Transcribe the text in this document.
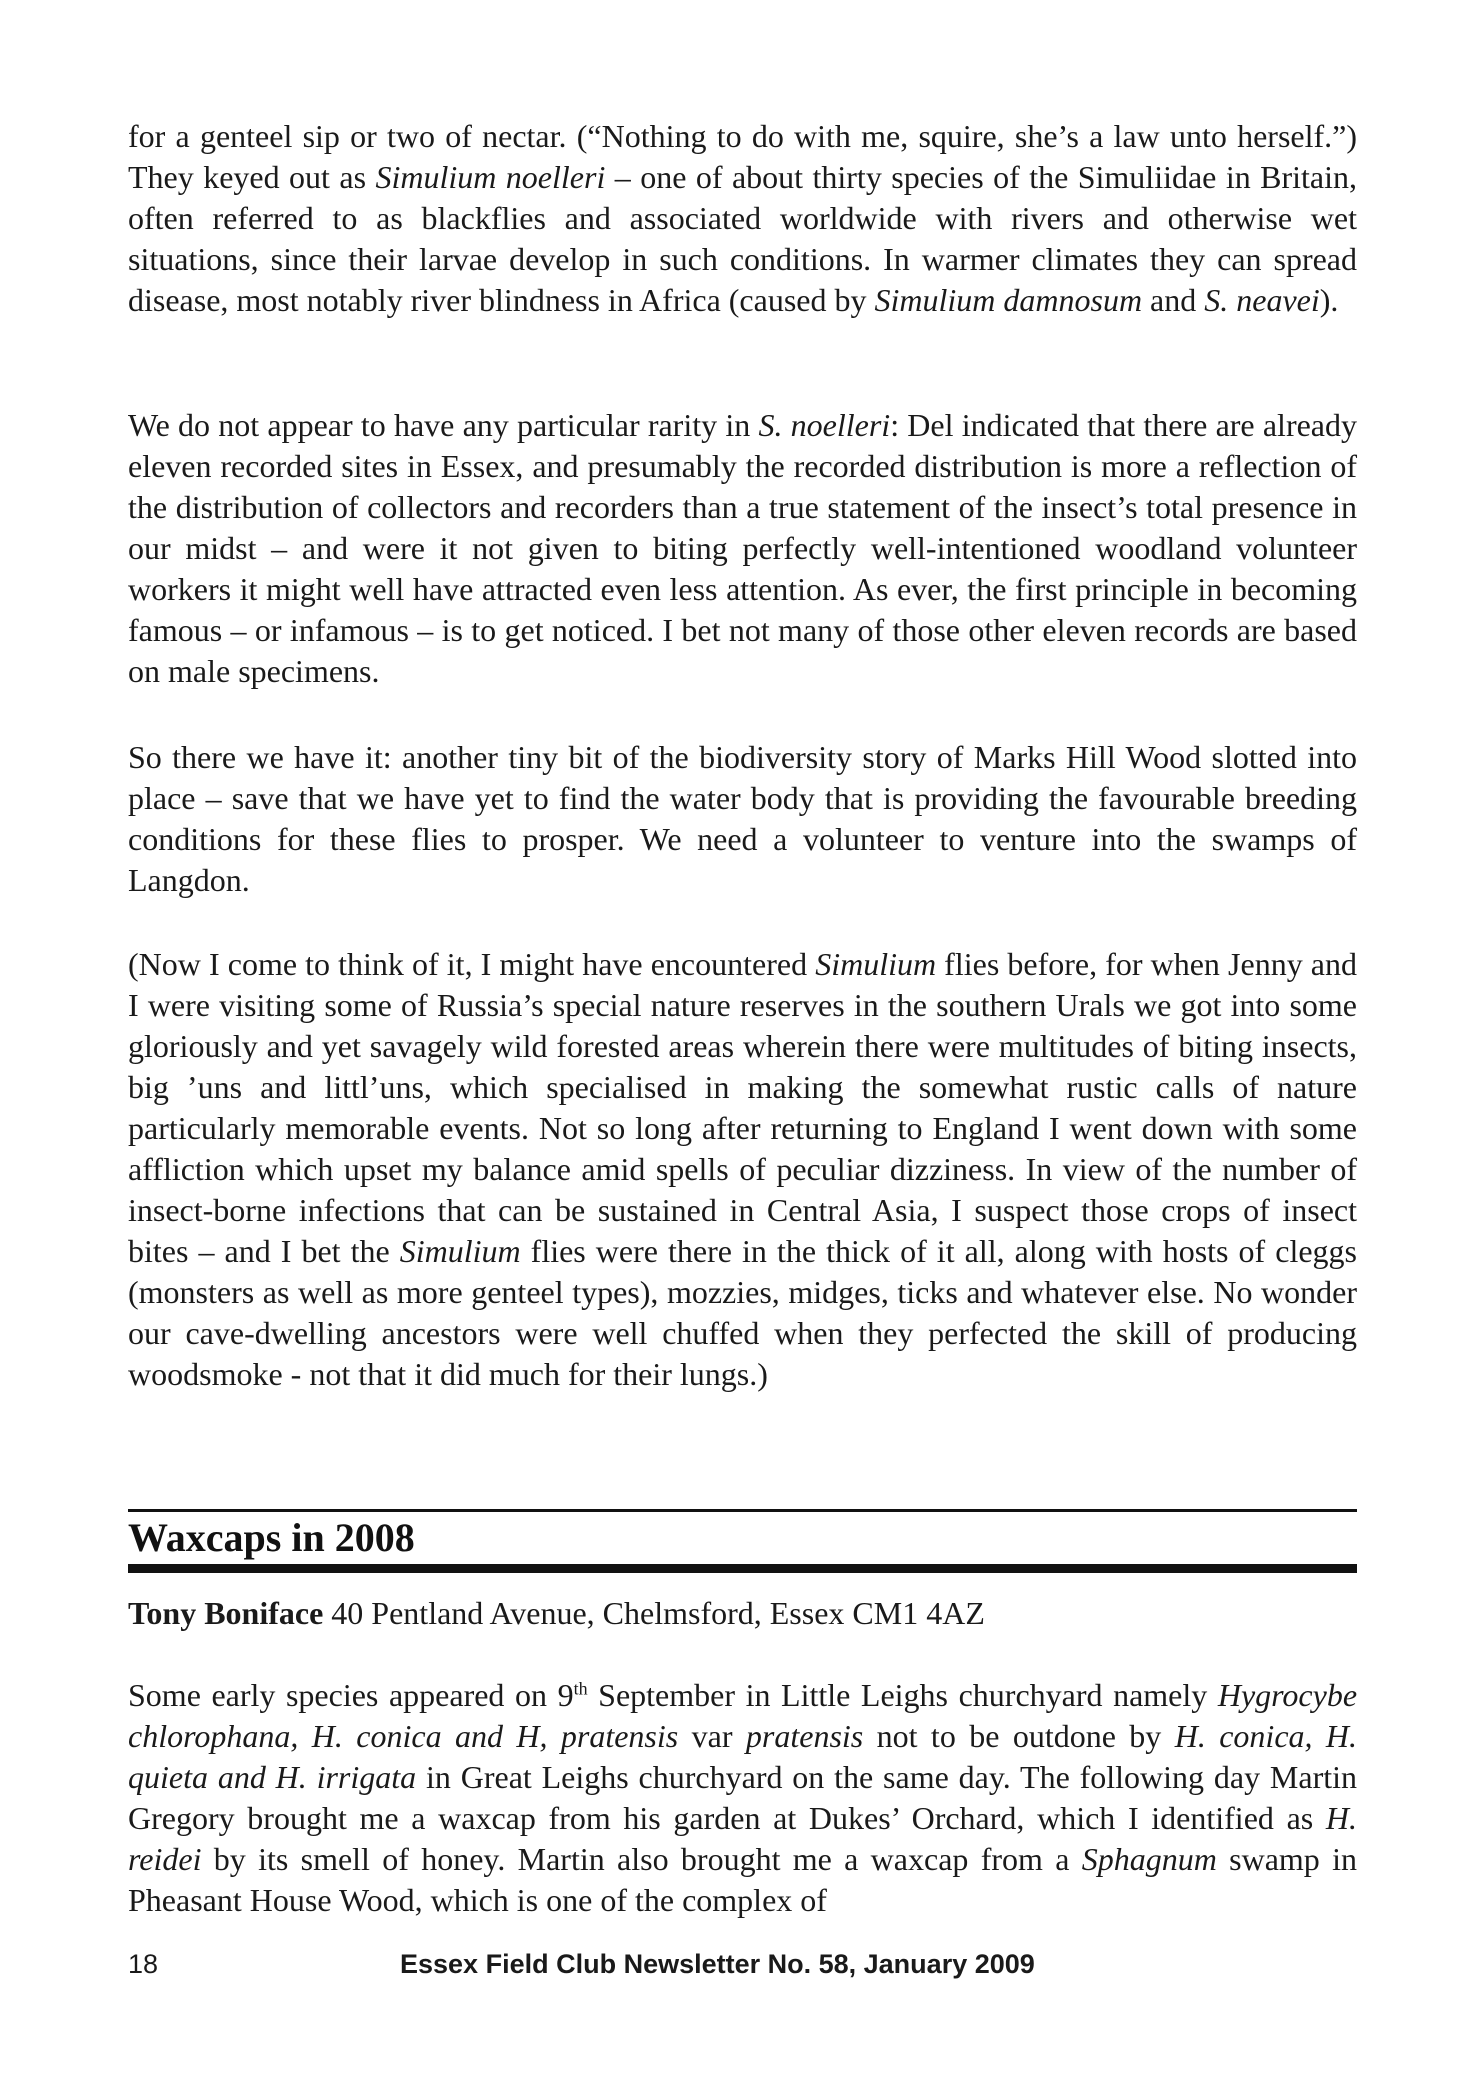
for a genteel sip or two of nectar. (“Nothing to do with me, squire, she’s a law unto herself.”) They keyed out as Simulium noelleri – one of about thirty species of the Simuliidae in Britain, often referred to as blackflies and associated worldwide with rivers and otherwise wet situations, since their larvae develop in such conditions. In warmer climates they can spread disease, most notably river blindness in Africa (caused by Simulium damnosum and S. neavei).

We do not appear to have any particular rarity in S. noelleri: Del indicated that there are already eleven recorded sites in Essex, and presumably the recorded distribution is more a reflection of the distribution of collectors and recorders than a true statement of the insect’s total presence in our midst – and were it not given to biting perfectly well-intentioned woodland volunteer workers it might well have attracted even less attention. As ever, the first principle in becoming famous – or infamous – is to get noticed. I bet not many of those other eleven records are based on male specimens.

So there we have it: another tiny bit of the biodiversity story of Marks Hill Wood slotted into place – save that we have yet to find the water body that is providing the favourable breeding conditions for these flies to prosper. We need a volunteer to venture into the swamps of Langdon.

(Now I come to think of it, I might have encountered Simulium flies before, for when Jenny and I were visiting some of Russia’s special nature reserves in the southern Urals we got into some gloriously and yet savagely wild forested areas wherein there were multitudes of biting insects, big ’uns and littl’uns, which specialised in making the somewhat rustic calls of nature particularly memorable events. Not so long after returning to England I went down with some affliction which upset my balance amid spells of peculiar dizziness. In view of the number of insect-borne infections that can be sustained in Central Asia, I suspect those crops of insect bites – and I bet the Simulium flies were there in the thick of it all, along with hosts of cleggs (monsters as well as more genteel types), mozzies, midges, ticks and whatever else. No wonder our cave-dwelling ancestors were well chuffed when they perfected the skill of producing woodsmoke - not that it did much for their lungs.)

Waxcaps in 2008

Tony Boniface 40 Pentland Avenue, Chelmsford, Essex CM1 4AZ

Some early species appeared on 9th September in Little Leighs churchyard namely Hygrocybe chlorophana, H. conica and H, pratensis var pratensis not to be outdone by H. conica, H. quieta and H. irrigata in Great Leighs churchyard on the same day. The following day Martin Gregory brought me a waxcap from his garden at Dukes’ Orchard, which I identified as H. reidei by its smell of honey. Martin also brought me a waxcap from a Sphagnum swamp in Pheasant House Wood, which is one of the complex of

18	Essex Field Club Newsletter No. 58, January 2009
